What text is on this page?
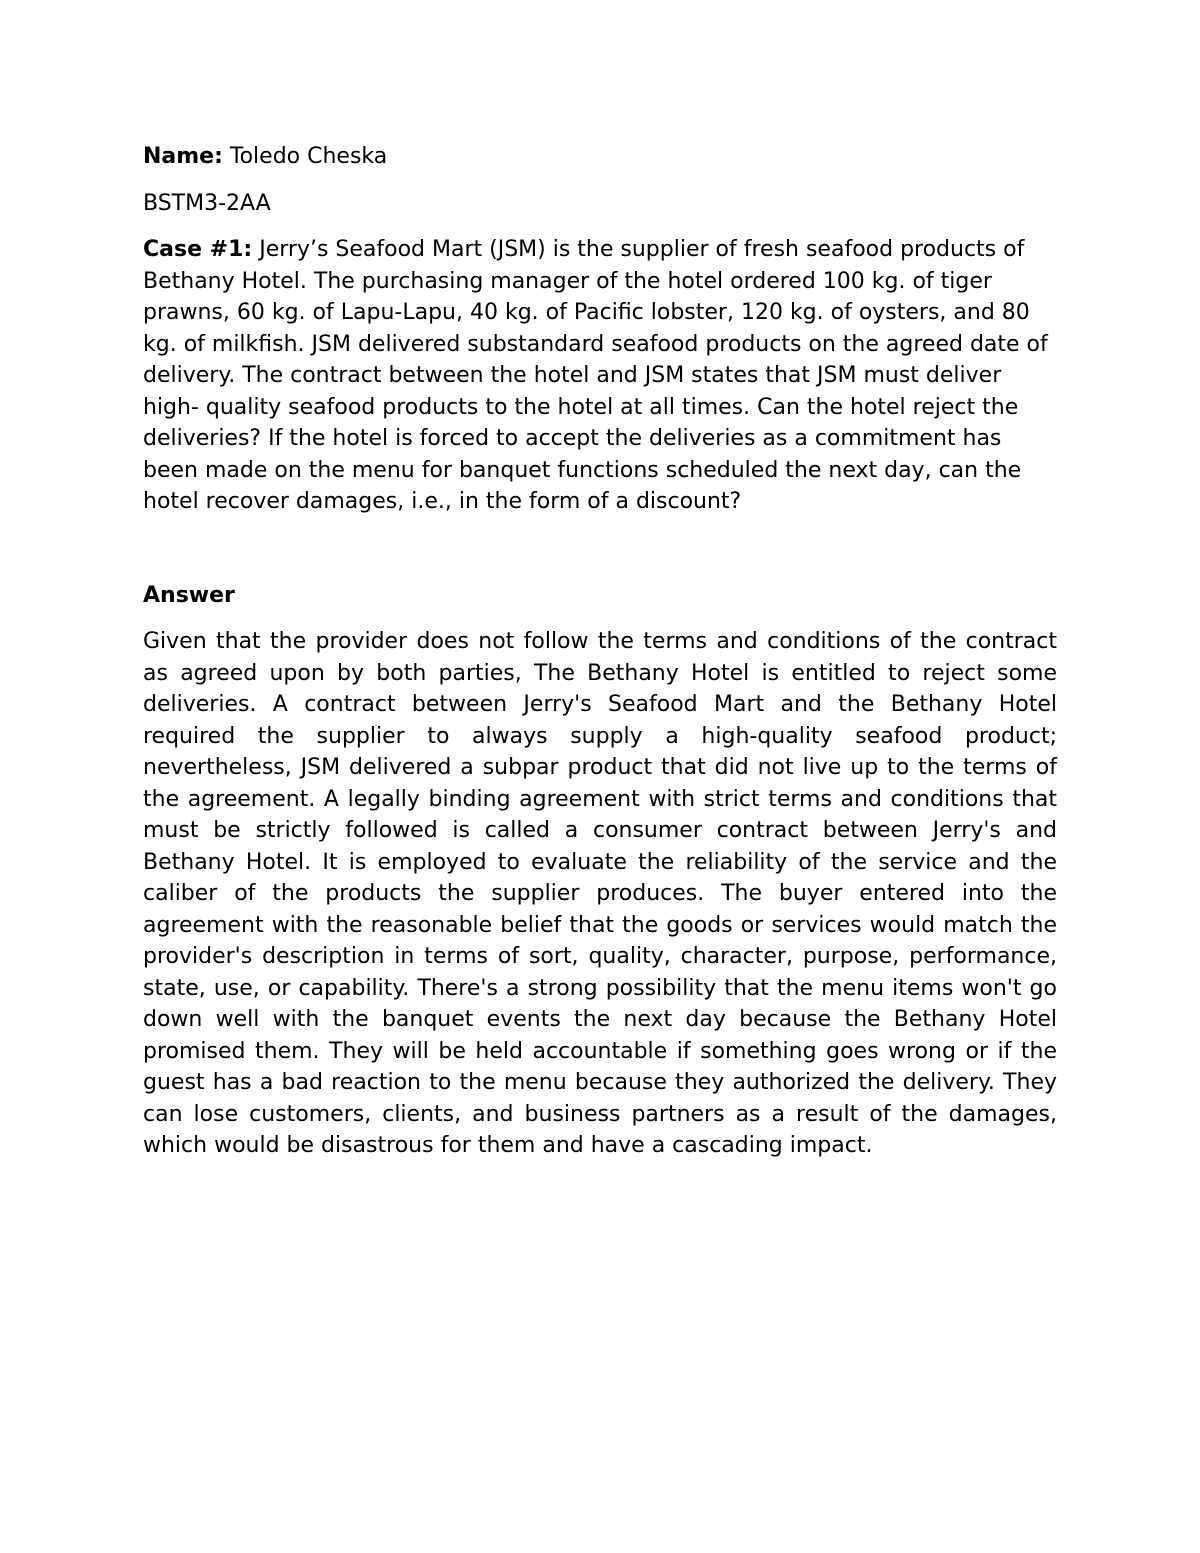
Name: Toledo Cheska

BSTM3-2AA

Case #1: Jerry’s Seafood Mart (JSM) is the supplier of fresh seafood products of Bethany Hotel. The purchasing manager of the hotel ordered 100 kg. of tiger prawns, 60 kg. of Lapu-Lapu, 40 kg. of Pacific lobster, 120 kg. of oysters, and 80 kg. of milkfish. JSM delivered substandard seafood products on the agreed date of delivery. The contract between the hotel and JSM states that JSM must deliver high- quality seafood products to the hotel at all times. Can the hotel reject the deliveries? If the hotel is forced to accept the deliveries as a commitment has been made on the menu for banquet functions scheduled the next day, can the hotel recover damages, i.e., in the form of a discount?

Answer

Given that the provider does not follow the terms and conditions of the contract as agreed upon by both parties, The Bethany Hotel is entitled to reject some deliveries. A contract between Jerry's Seafood Mart and the Bethany Hotel required the supplier to always supply a high-quality seafood product; nevertheless, JSM delivered a subpar product that did not live up to the terms of the agreement. A legally binding agreement with strict terms and conditions that must be strictly followed is called a consumer contract between Jerry's and Bethany Hotel. It is employed to evaluate the reliability of the service and the caliber of the products the supplier produces. The buyer entered into the agreement with the reasonable belief that the goods or services would match the provider's description in terms of sort, quality, character, purpose, performance, state, use, or capability. There's a strong possibility that the menu items won't go down well with the banquet events the next day because the Bethany Hotel promised them. They will be held accountable if something goes wrong or if the guest has a bad reaction to the menu because they authorized the delivery. They can lose customers, clients, and business partners as a result of the damages, which would be disastrous for them and have a cascading impact.
